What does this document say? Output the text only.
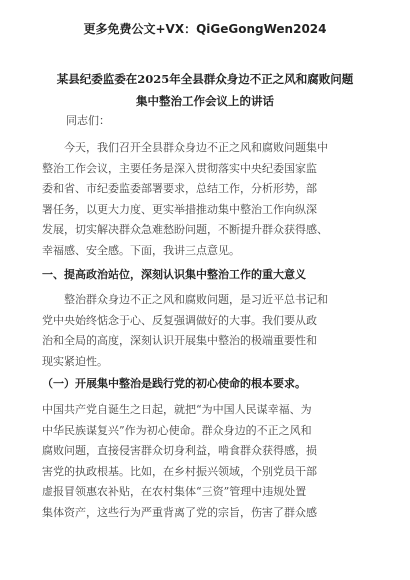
更多免费公文+VX：QiGeGongWen2024
某县纪委监委在2025年全县群众身边不正之风和腐败问题
集中整治工作会议上的讲话
同志们：
今天，我们召开全县群众身边不正之风和腐败问题集中
整治工作会议，主要任务是深入贯彻落实中央纪委国家监
委和省、市纪委监委部署要求，总结工作，分析形势，部
署任务，以更大力度、更实举措推动集中整治工作向纵深
发展，切实解决群众急难愁盼问题，不断提升群众获得感、
幸福感、安全感。下面，我讲三点意见。
一、提高政治站位，深刻认识集中整治工作的重大意义
整治群众身边不正之风和腐败问题，是习近平总书记和
党中央始终惦念于心、反复强调做好的大事。我们要从政
治和全局的高度，深刻认识开展集中整治的极端重要性和
现实紧迫性。
（一）开展集中整治是践行党的初心使命的根本要求。
中国共产党自诞生之日起，就把“为中国人民谋幸福、为
中华民族谋复兴”作为初心使命。群众身边的不正之风和
腐败问题，直接侵害群众切身利益，啃食群众获得感，损
害党的执政根基。比如，在乡村振兴领域，个别党员干部
虚报冒领惠农补贴，在农村集体“三资”管理中违规处置
集体资产，这些行为严重背离了党的宗旨，伤害了群众感
